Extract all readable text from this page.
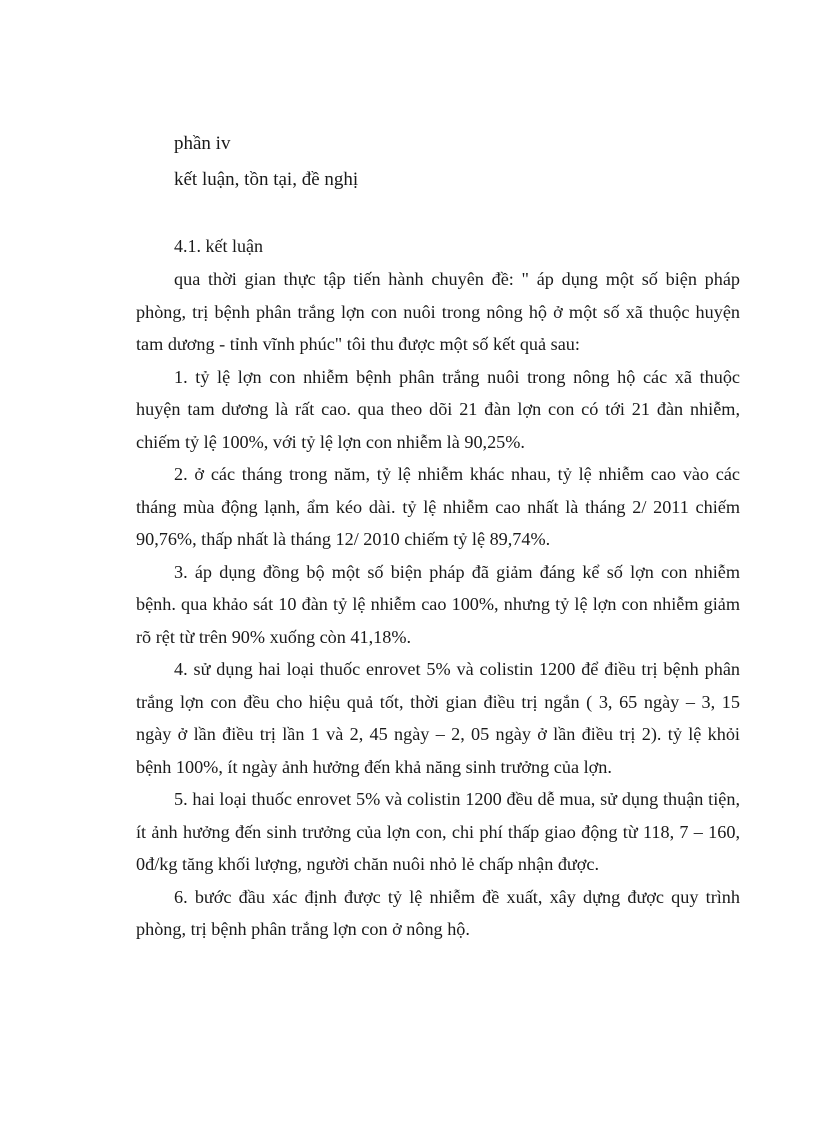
phần iv
kết luận, tồn tại, đề nghị
4.1. kết luận

qua thời gian thực tập tiến hành chuyên đề: " áp dụng một số biện pháp phòng, trị bệnh phân trắng lợn con nuôi trong nông hộ ở một số xã thuộc huyện tam dương - tỉnh vĩnh phúc" tôi thu được một số kết quả sau:

1. tỷ lệ lợn con nhiễm bệnh phân trắng nuôi trong nông hộ các xã thuộc huyện tam dương là rất cao. qua theo dõi 21 đàn lợn con có tới 21 đàn nhiễm, chiếm tỷ lệ 100%, với tỷ lệ lợn con nhiễm là 90,25%.

2. ở các tháng trong năm, tỷ lệ nhiễm khác nhau, tỷ lệ nhiễm cao vào các tháng mùa động lạnh, ẩm kéo dài. tỷ lệ nhiễm cao nhất là tháng 2/ 2011 chiếm 90,76%, thấp nhất là tháng 12/ 2010 chiếm tỷ lệ 89,74%.

3. áp dụng đồng bộ một số biện pháp đã giảm đáng kể số lợn con nhiễm bệnh. qua khảo sát 10 đàn tỷ lệ nhiễm cao 100%, nhưng tỷ lệ lợn con nhiễm giảm rõ rệt từ trên 90% xuống còn 41,18%.

4. sử dụng hai loại thuốc enrovet 5% và colistin 1200 để điều trị bệnh phân trắng lợn con đều cho hiệu quả tốt, thời gian điều trị ngắn ( 3, 65 ngày – 3, 15 ngày ở lần điều trị lần 1 và 2, 45 ngày – 2, 05 ngày ở lần điều trị 2). tỷ lệ khỏi bệnh 100%, ít ngày ảnh hưởng đến khả năng sinh trưởng của lợn.

5. hai loại thuốc enrovet 5% và colistin 1200 đều dễ mua, sử dụng thuận tiện, ít ảnh hưởng đến sinh trưởng của lợn con, chi phí thấp giao động từ 118, 7 – 160, 0đ/kg tăng khối lượng, người chăn nuôi nhỏ lẻ chấp nhận được.

6. bước đầu xác định được tỷ lệ nhiễm đề xuất, xây dựng được quy trình phòng, trị bệnh phân trắng lợn con ở nông hộ.
